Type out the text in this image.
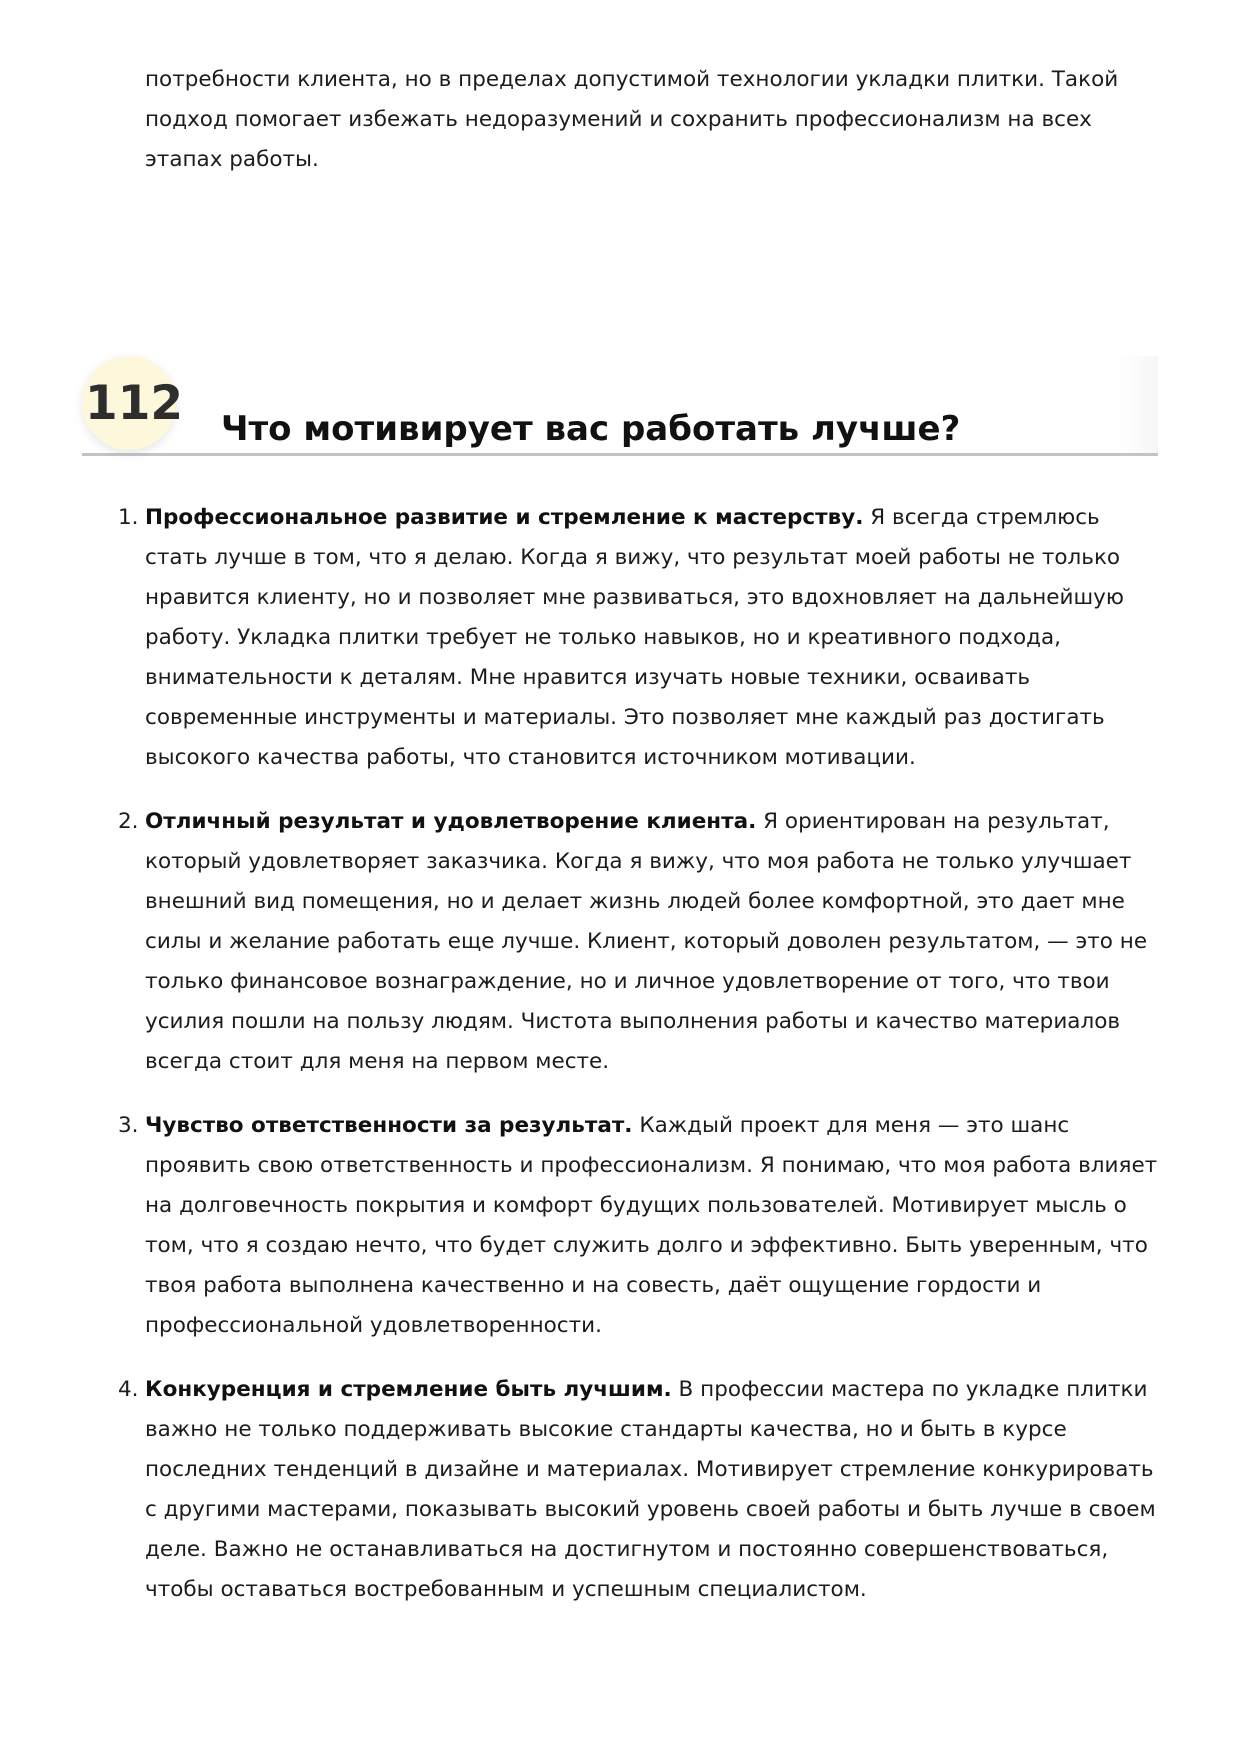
потребности клиента, но в пределах допустимой технологии укладки плитки. Такой подход помогает избежать недоразумений и сохранить профессионализм на всех этапах работы.

112 Что мотивирует вас работать лучше?
1. Профессиональное развитие и стремление к мастерству. Я всегда стремлюсь стать лучше в том, что я делаю. Когда я вижу, что результат моей работы не только нравится клиенту, но и позволяет мне развиваться, это вдохновляет на дальнейшую работу. Укладка плитки требует не только навыков, но и креативного подхода, внимательности к деталям. Мне нравится изучать новые техники, осваивать современные инструменты и материалы. Это позволяет мне каждый раз достигать высокого качества работы, что становится источником мотивации.
2. Отличный результат и удовлетворение клиента. Я ориентирован на результат, который удовлетворяет заказчика. Когда я вижу, что моя работа не только улучшает внешний вид помещения, но и делает жизнь людей более комфортной, это дает мне силы и желание работать еще лучше. Клиент, который доволен результатом, — это не только финансовое вознаграждение, но и личное удовлетворение от того, что твои усилия пошли на пользу людям. Чистота выполнения работы и качество материалов всегда стоит для меня на первом месте.
3. Чувство ответственности за результат. Каждый проект для меня — это шанс проявить свою ответственность и профессионализм. Я понимаю, что моя работа влияет на долговечность покрытия и комфорт будущих пользователей. Мотивирует мысль о том, что я создаю нечто, что будет служить долго и эффективно. Быть уверенным, что твоя работа выполнена качественно и на совесть, даёт ощущение гордости и профессиональной удовлетворенности.
4. Конкуренция и стремление быть лучшим. В профессии мастера по укладке плитки важно не только поддерживать высокие стандарты качества, но и быть в курсе последних тенденций в дизайне и материалах. Мотивирует стремление конкурировать с другими мастерами, показывать высокий уровень своей работы и быть лучше в своем деле. Важно не останавливаться на достигнутом и постоянно совершенствоваться, чтобы оставаться востребованным и успешным специалистом.
